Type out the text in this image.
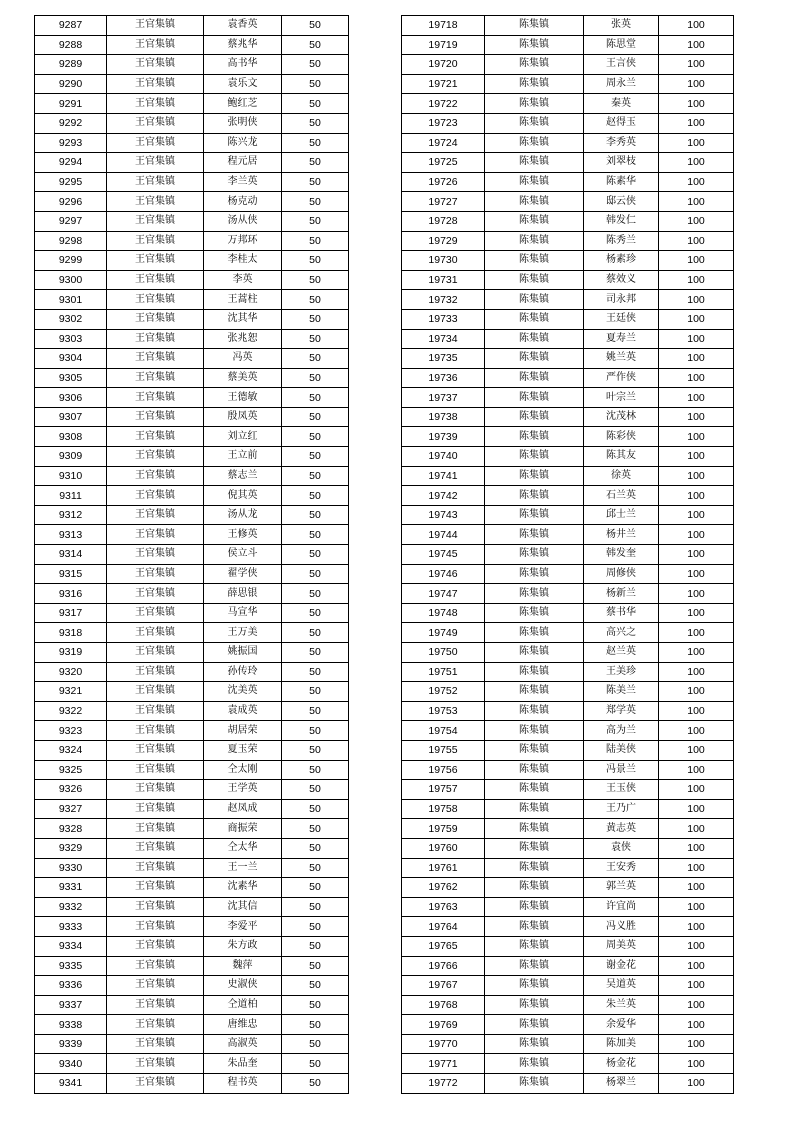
9287	王官集镇	袁香英	50
9288	王官集镇	蔡兆华	50
9289	王官集镇	高书华	50
9290	王官集镇	袁乐文	50
9291	王官集镇	鲍红芝	50
9292	王官集镇	张明侠	50
9293	王官集镇	陈兴龙	50
9294	王官集镇	程元居	50
9295	王官集镇	李兰英	50
9296	王官集镇	杨克动	50
9297	王官集镇	汤从侠	50
9298	王官集镇	万邦环	50
9299	王官集镇	李桂太	50
9300	王官集镇	李英	50
9301	王官集镇	王蒿柱	50
9302	王官集镇	沈其华	50
9303	王官集镇	张兆恕	50
9304	王官集镇	冯英	50
9305	王官集镇	蔡美英	50
9306	王官集镇	王德敏	50
9307	王官集镇	殷凤英	50
9308	王官集镇	刘立红	50
9309	王官集镇	王立前	50
9310	王官集镇	蔡志兰	50
9311	王官集镇	倪其英	50
9312	王官集镇	汤从龙	50
9313	王官集镇	王修英	50
9314	王官集镇	侯立斗	50
9315	王官集镇	翟学侠	50
9316	王官集镇	薛思银	50
9317	王官集镇	马宣华	50
9318	王官集镇	王万美	50
9319	王官集镇	姚振国	50
9320	王官集镇	孙传玲	50
9321	王官集镇	沈美英	50
9322	王官集镇	袁成英	50
9323	王官集镇	胡居荣	50
9324	王官集镇	夏玉荣	50
9325	王官集镇	仝太刚	50
9326	王官集镇	王学英	50
9327	王官集镇	赵凤成	50
9328	王官集镇	商振荣	50
9329	王官集镇	仝太华	50
9330	王官集镇	王一兰	50
9331	王官集镇	沈素华	50
9332	王官集镇	沈其信	50
9333	王官集镇	李爱平	50
9334	王官集镇	朱方政	50
9335	王官集镇	魏萍	50
9336	王官集镇	史淑侠	50
9337	王官集镇	仝道柏	50
9338	王官集镇	唐维忠	50
9339	王官集镇	高淑英	50
9340	王官集镇	朱品奎	50
9341	王官集镇	程书英	50
19718	陈集镇	张英	100
19719	陈集镇	陈思堂	100
19720	陈集镇	王言侠	100
19721	陈集镇	周永兰	100
19722	陈集镇	秦英	100
19723	陈集镇	赵得玉	100
19724	陈集镇	李秀英	100
19725	陈集镇	刘翠枝	100
19726	陈集镇	陈素华	100
19727	陈集镇	邸云侠	100
19728	陈集镇	韩发仁	100
19729	陈集镇	陈秀兰	100
19730	陈集镇	杨素珍	100
19731	陈集镇	蔡效义	100
19732	陈集镇	司永邦	100
19733	陈集镇	王廷侠	100
19734	陈集镇	夏寿兰	100
19735	陈集镇	姚兰英	100
19736	陈集镇	严作侠	100
19737	陈集镇	叶宗兰	100
19738	陈集镇	沈茂林	100
19739	陈集镇	陈彩侠	100
19740	陈集镇	陈其友	100
19741	陈集镇	徐英	100
19742	陈集镇	石兰英	100
19743	陈集镇	邱士兰	100
19744	陈集镇	杨井兰	100
19745	陈集镇	韩发奎	100
19746	陈集镇	周修侠	100
19747	陈集镇	杨新兰	100
19748	陈集镇	蔡书华	100
19749	陈集镇	高兴之	100
19750	陈集镇	赵兰英	100
19751	陈集镇	王美珍	100
19752	陈集镇	陈美兰	100
19753	陈集镇	郑学英	100
19754	陈集镇	高为兰	100
19755	陈集镇	陆美侠	100
19756	陈集镇	冯景兰	100
19757	陈集镇	王玉侠	100
19758	陈集镇	王乃广	100
19759	陈集镇	黄志英	100
19760	陈集镇	袁侠	100
19761	陈集镇	王安秀	100
19762	陈集镇	郭兰英	100
19763	陈集镇	许宜尚	100
19764	陈集镇	冯义胜	100
19765	陈集镇	周美英	100
19766	陈集镇	谢金花	100
19767	陈集镇	吴道英	100
19768	陈集镇	朱兰英	100
19769	陈集镇	余爱华	100
19770	陈集镇	陈加美	100
19771	陈集镇	杨金花	100
19772	陈集镇	杨翠兰	100
